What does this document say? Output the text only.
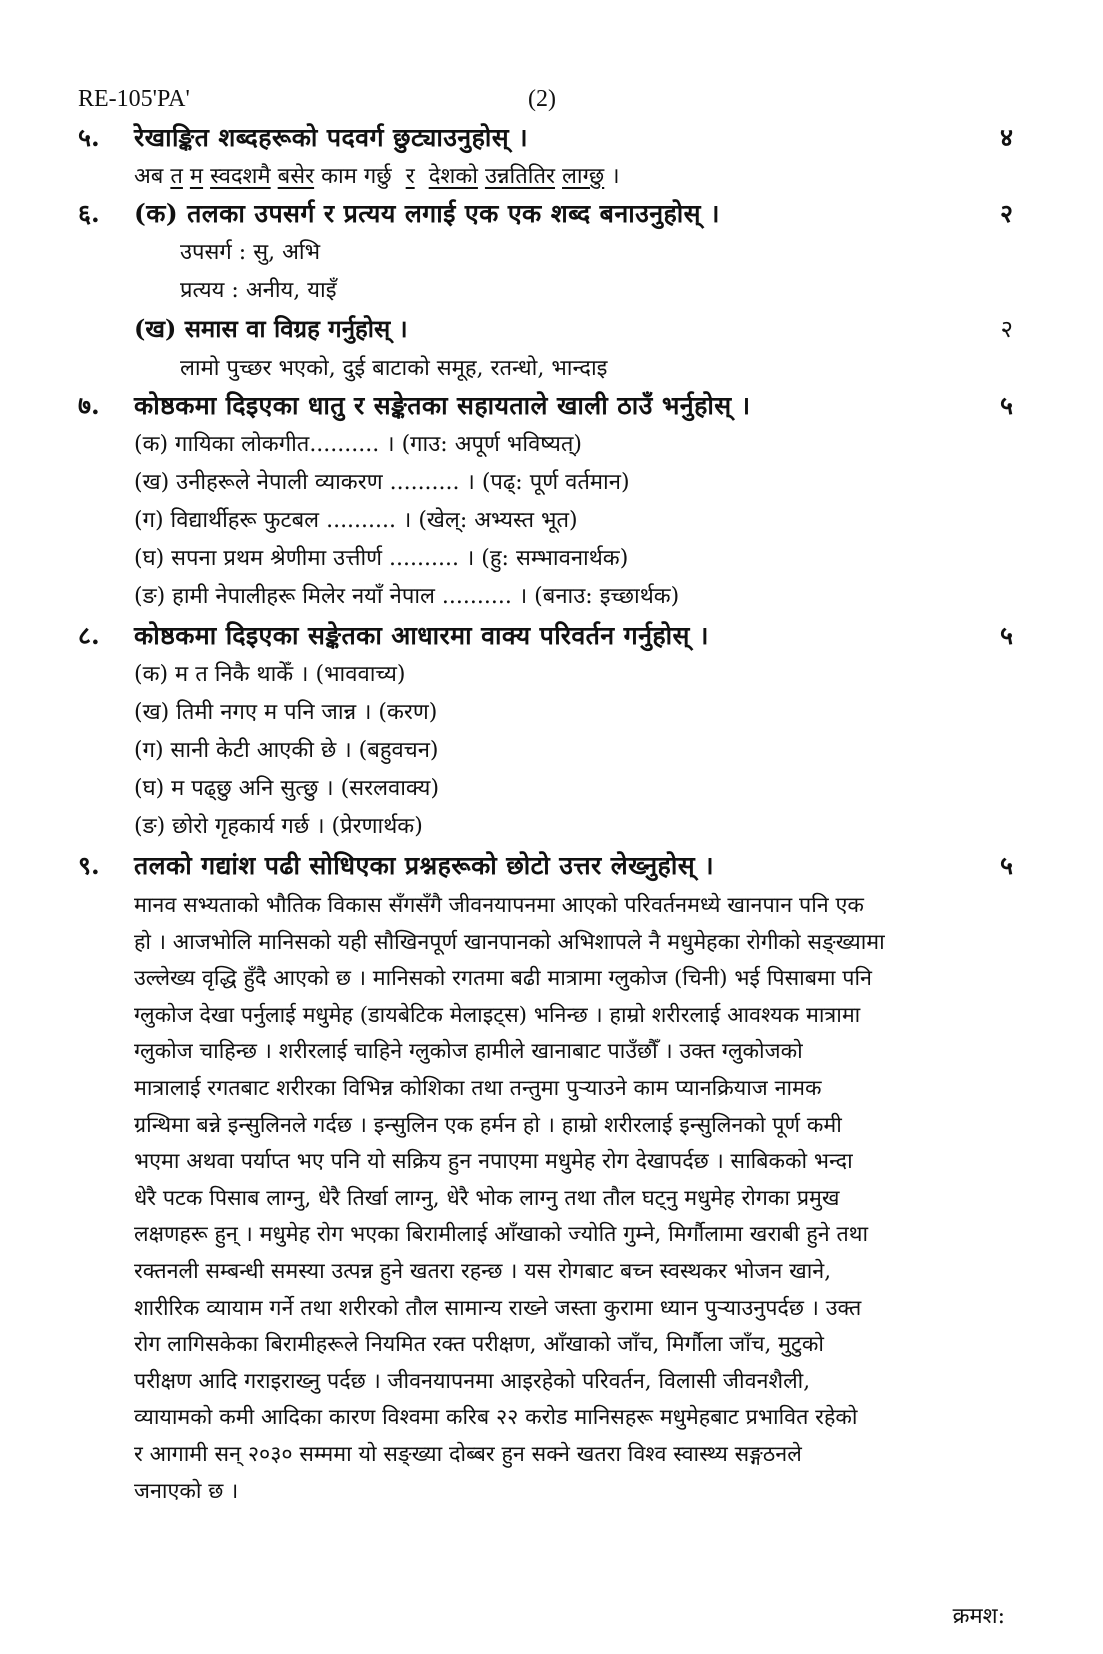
RE-105'PA'	(2)
५.	रेखाङ्कित शब्दहरूको पदवर्ग छुट्याउनुहोस् ।	४
अब त म स्वदशमै बसेर काम गर्छु र देशको उन्नतितिर लाग्छु ।
६.	(क) तलका उपसर्ग र प्रत्यय लगाई एक एक शब्द बनाउनुहोस् ।	२
उपसर्ग : सु, अभि
प्रत्यय : अनीय, याइँ
(ख) समास वा विग्रह गर्नुहोस् ।	२
लामो पुच्छर भएको, दुई बाटाको समूह, रतन्धो, भान्दाइ
७.	कोष्ठकमा दिइएका धातु र सङ्केतका सहायताले खाली ठाउँ भर्नुहोस् ।	५
(क) गायिका लोकगीत.......... । (गाउ: अपूर्ण भविष्यत्)
(ख) उनीहरूले नेपाली व्याकरण .......... । (पढ्: पूर्ण वर्तमान)
(ग) विद्यार्थीहरू फुटबल .......... । (खेल्: अभ्यस्त भूत)
(घ) सपना प्रथम श्रेणीमा उत्तीर्ण .......... । (हु: सम्भावनार्थक)
(ङ) हामी नेपालीहरू मिलेर नयाँ नेपाल .......... । (बनाउ: इच्छार्थक)
८.	कोष्ठकमा दिइएका सङ्केतका आधारमा वाक्य परिवर्तन गर्नुहोस् ।	५
(क) म त निकै थाकेँ । (भाववाच्य)
(ख) तिमी नगए म पनि जान्न । (करण)
(ग) सानी केटी आएकी छे । (बहुवचन)
(घ) म पढ्छु अनि सुत्छु । (सरलवाक्य)
(ङ) छोरो गृहकार्य गर्छ । (प्रेरणार्थक)
९.	तलको गद्यांश पढी सोधिएका प्रश्नहरूको छोटो उत्तर लेख्नुहोस् ।	५
मानव सभ्यताको भौतिक विकास सँगसँगै जीवनयापनमा आएको परिवर्तनमध्ये खानपान पनि एक
हो । आजभोलि मानिसको यही सौखिनपूर्ण खानपानको अभिशापले नै मधुमेहका रोगीको सङ्ख्यामा
उल्लेख्य वृद्धि हुँदै आएको छ । मानिसको रगतमा बढी मात्रामा ग्लुकोज (चिनी) भई पिसाबमा पनि
ग्लुकोज देखा पर्नुलाई मधुमेह (डायबेटिक मेलाइट्स) भनिन्छ । हाम्रो शरीरलाई आवश्यक मात्रामा
ग्लुकोज चाहिन्छ । शरीरलाई चाहिने ग्लुकोज हामीले खानाबाट पाउँछौँ । उक्त ग्लुकोजको
मात्रालाई रगतबाट शरीरका विभिन्न कोशिका तथा तन्तुमा पुऱ्याउने काम प्यानक्रियाज नामक
ग्रन्थिमा बन्ने इन्सुलिनले गर्दछ । इन्सुलिन एक हर्मन हो । हाम्रो शरीरलाई इन्सुलिनको पूर्ण कमी
भएमा अथवा पर्याप्त भए पनि यो सक्रिय हुन नपाएमा मधुमेह रोग देखापर्दछ । साबिकको भन्दा
धेरै पटक पिसाब लाग्नु, धेरै तिर्खा लाग्नु, धेरै भोक लाग्नु तथा तौल घट्नु मधुमेह रोगका प्रमुख
लक्षणहरू हुन् । मधुमेह रोग भएका बिरामीलाई आँखाको ज्योति गुम्ने, मिर्गौलामा खराबी हुने तथा
रक्तनली सम्बन्धी समस्या उत्पन्न हुने खतरा रहन्छ । यस रोगबाट बच्न स्वस्थकर भोजन खाने,
शारीरिक व्यायाम गर्ने तथा शरीरको तौल सामान्य राख्ने जस्ता कुरामा ध्यान पुऱ्याउनुपर्दछ । उक्त
रोग लागिसकेका बिरामीहरूले नियमित रक्त परीक्षण, आँखाको जाँच, मिर्गौला जाँच, मुटुको
परीक्षण आदि गराइराख्नु पर्दछ । जीवनयापनमा आइरहेको परिवर्तन, विलासी जीवनशैली,
व्यायामको कमी आदिका कारण विश्वमा करिब २२ करोड मानिसहरू मधुमेहबाट प्रभावित रहेको
र आगामी सन् २०३० सम्ममा यो सङ्ख्या दोब्बर हुन सक्ने खतरा विश्व स्वास्थ्य सङ्गठनले
जनाएको छ ।
क्रमश:
